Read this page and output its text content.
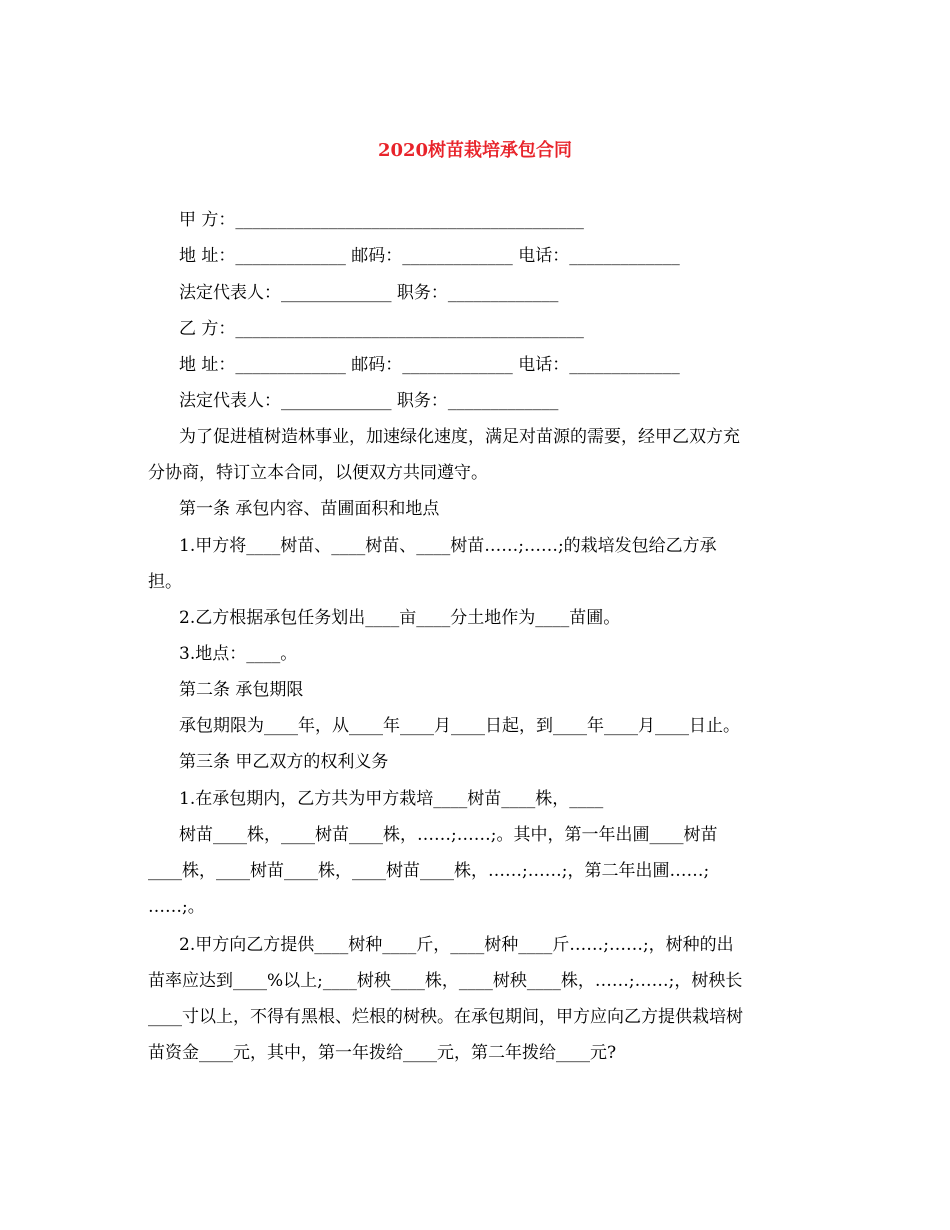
2020树苗栽培承包合同
甲 方：_________________________________________
地 址：_____________ 邮码：_____________ 电话：_____________
法定代表人：_____________ 职务：_____________
乙 方：_________________________________________
地 址：_____________ 邮码：_____________ 电话：_____________
法定代表人：_____________ 职务：_____________
为了促进植树造林事业，加速绿化速度，满足对苗源的需要，经甲乙双方充
分协商，特订立本合同，以便双方共同遵守。
第一条 承包内容、苗圃面积和地点
1.甲方将____树苗、____树苗、____树苗……;……;的栽培发包给乙方承
担。
2.乙方根据承包任务划出____亩____分土地作为____苗圃。
3.地点：____。
第二条 承包期限
承包期限为____年，从____年____月____日起，到____年____月____日止。
第三条 甲乙双方的权利义务
1.在承包期内，乙方共为甲方栽培____树苗____株，____
树苗____株，____树苗____株，……;……;。其中，第一年出圃____树苗
____株，____树苗____株，____树苗____株，……;……;，第二年出圃……;
……;。
2.甲方向乙方提供____树种____斤，____树种____斤……;……;，树种的出
苗率应达到____%以上;____树秧____株，____树秧____株，……;……;，树秧长
____寸以上，不得有黑根、烂根的树秧。在承包期间，甲方应向乙方提供栽培树
苗资金____元，其中，第一年拨给____元，第二年拨给____元?
